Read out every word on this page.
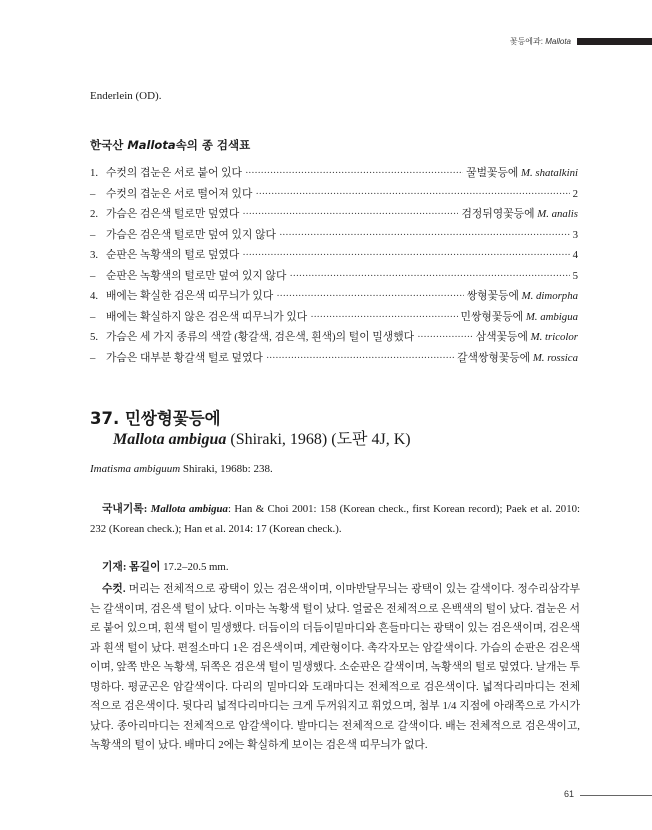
꽃등에과: Mallota
Enderlein (OD).
한국산 Mallota속의 종 검색표
1. 수컷의 겹눈은 서로 붙어 있다 ·····	꿀벌꽃등에 M. shatalkini
– 수컷의 겹눈은 서로 떨어져 있다 ·····	2
2. 가슴은 검은색 털로만 덮였다 ·····	검정뒤영꽃등에 M. analis
– 가슴은 검은색 털로만 덮여 있지 않다 ·····	3
3. 순판은 녹황색의 털로 덮였다 ·····	4
– 순판은 녹황색의 털로만 덮여 있지 않다 ·····	5
4. 배에는 확실한 검은색 띠무늬가 있다 ·····	쌍형꽃등에 M. dimorpha
– 배에는 확실하지 않은 검은색 띠무늬가 있다 ·····	민쌍형꽃등에 M. ambigua
5. 가슴은 세 가지 종류의 색깔 (황갈색, 검은색, 흰색)의 털이 밀생했다 ·····	삼색꽃등에 M. tricolor
– 가슴은 대부분 황갈색 털로 덮였다 ·····	갈색쌍형꽃등에 M. rossica
37. 민쌍형꽃등에
Mallota ambigua (Shiraki, 1968) (도판 4J, K)
Imatisma ambiguum Shiraki, 1968b: 238.
국내기록: Mallota ambigua: Han & Choi 2001: 158 (Korean check., first Korean record); Paek et al. 2010: 232 (Korean check.); Han et al. 2014: 17 (Korean check.).
기재: 몸길이 17.2–20.5 mm.
수컷. 머리는 전체적으로 광택이 있는 검은색이며, 이마반달무늬는 광택이 있는 갈색이다. 정수리삼각부는 갈색이며, 검은색 털이 났다. 이마는 녹황색 털이 났다. 얼굴은 전체적으로 은백색의 털이 났다. 겹눈은 서로 붙어 있으며, 흰색 털이 밀생했다. 더듬이의 더듬이밑마디와 흔들마디는 광택이 있는 검은색이며, 검은색과 흰색 털이 났다. 편절소마디 1은 검은색이며, 계란형이다. 촉각자모는 암갈색이다. 가슴의 순판은 검은색이며, 앞쪽 반은 녹황색, 뒤쪽은 검은색 털이 밀생했다. 소순판은 갈색이며, 녹황색의 털로 덮였다. 날개는 투명하다. 평균곤은 암갈색이다. 다리의 밑마디와 도래마디는 전체적으로 검은색이다. 넓적다리마디는 전체적으로 검은색이다. 뒷다리 넓적다리마디는 크게 두꺼워지고 휘었으며, 첨부 1/4 지점에 아래쪽으로 가시가 났다. 종아리마디는 전체적으로 암갈색이다. 발마디는 전체적으로 갈색이다. 배는 전체적으로 검은색이고, 녹황색의 털이 났다. 배마디 2에는 확실하게 보이는 검은색 띠무늬가 없다.
61
